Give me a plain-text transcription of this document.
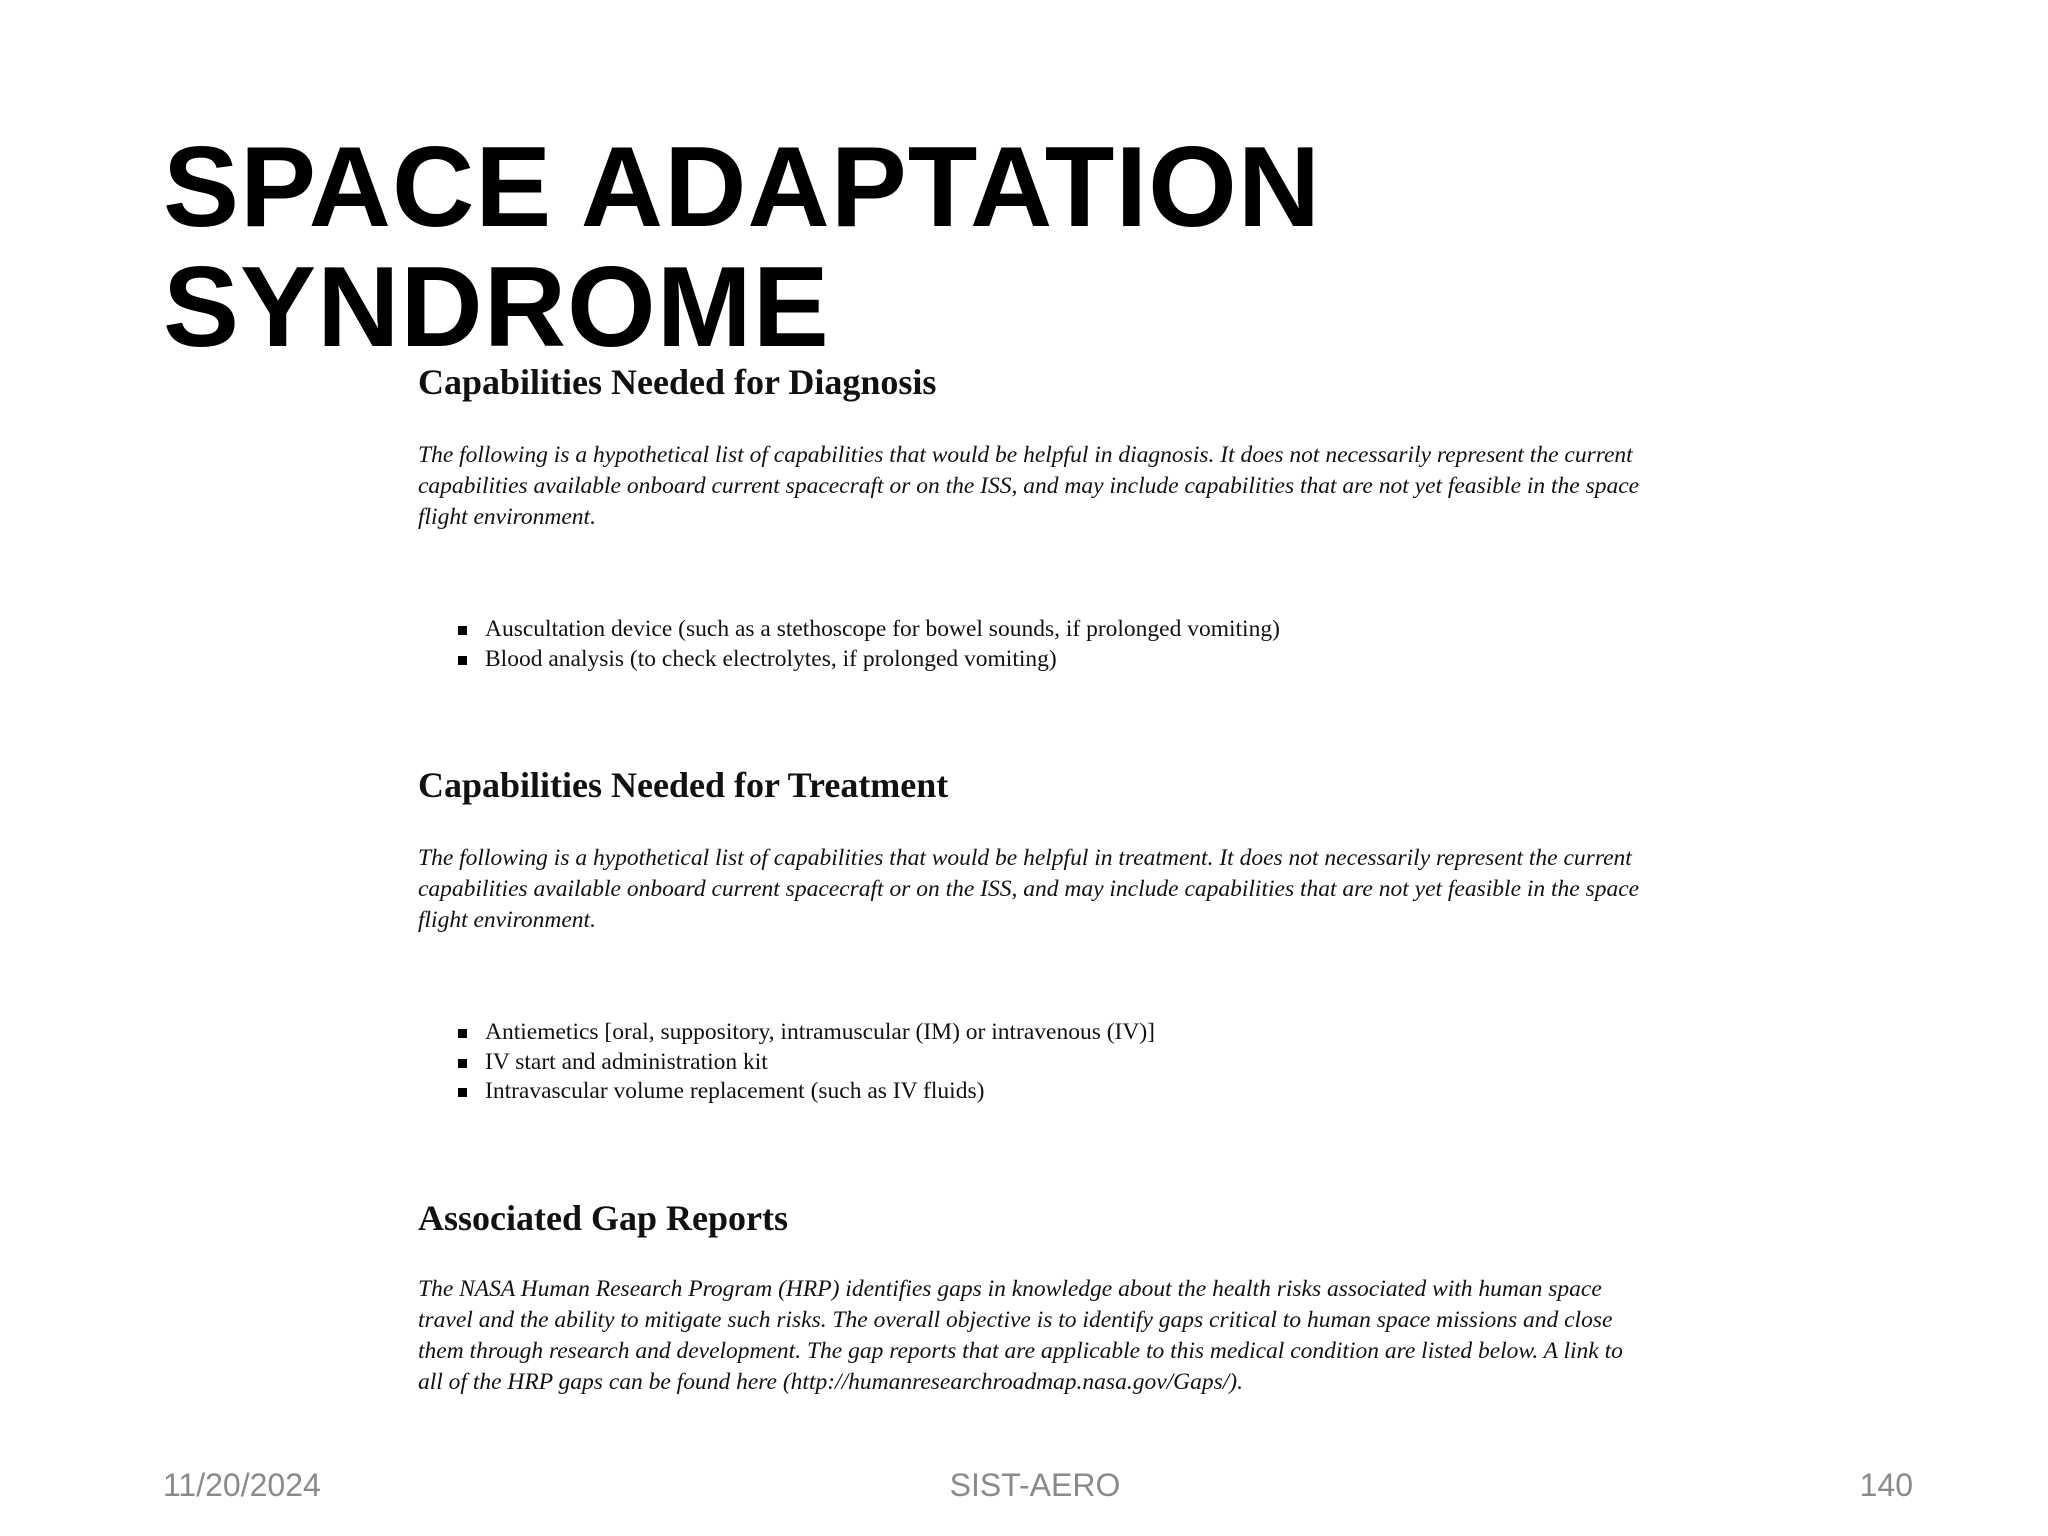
SPACE ADAPTATION
SYNDROME
Capabilities Needed for Diagnosis

The following is a hypothetical list of capabilities that would be helpful in diagnosis. It does not necessarily represent the current capabilities available onboard current spacecraft or on the ISS, and may include capabilities that are not yet feasible in the space flight environment.

Auscultation device (such as a stethoscope for bowel sounds, if prolonged vomiting)
Blood analysis (to check electrolytes, if prolonged vomiting)
Capabilities Needed for Treatment

The following is a hypothetical list of capabilities that would be helpful in treatment. It does not necessarily represent the current capabilities available onboard current spacecraft or on the ISS, and may include capabilities that are not yet feasible in the space flight environment.

Antiemetics [oral, suppository, intramuscular (IM) or intravenous (IV)]
IV start and administration kit
Intravascular volume replacement (such as IV fluids)
Associated Gap Reports

The NASA Human Research Program (HRP) identifies gaps in knowledge about the health risks associated with human space travel and the ability to mitigate such risks. The overall objective is to identify gaps critical to human space missions and close them through research and development. The gap reports that are applicable to this medical condition are listed below. A link to all of the HRP gaps can be found here (http://humanresearchroadmap.nasa.gov/Gaps/).

11/20/2024	SIST-AERO	140
